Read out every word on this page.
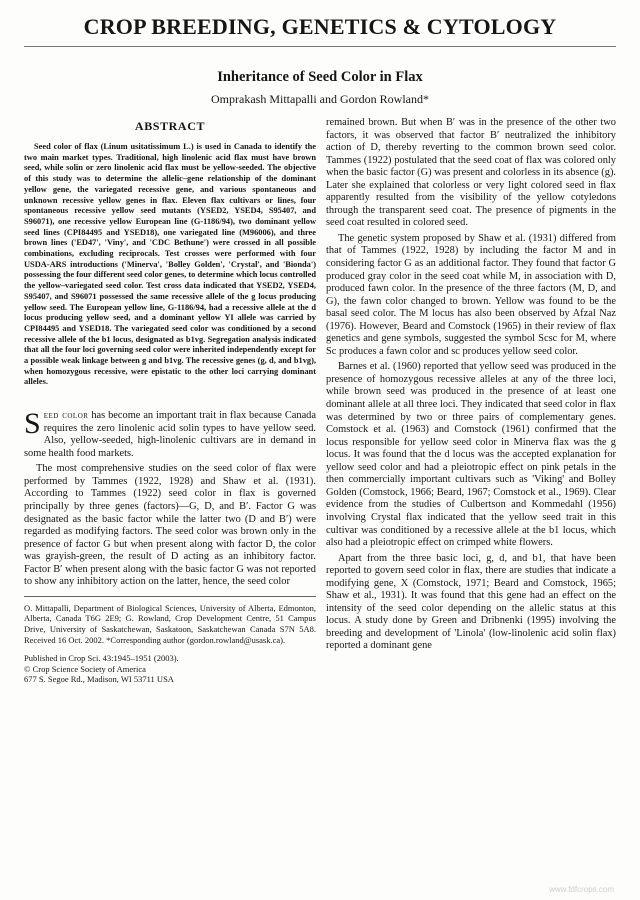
CROP BREEDING, GENETICS & CYTOLOGY
Inheritance of Seed Color in Flax
Omprakash Mittapalli and Gordon Rowland*
ABSTRACT

Seed color of flax (Linum usitatissimum L.) is used in Canada to identify the two main market types. Traditional, high linolenic acid flax must have brown seed, while solin or zero linolenic acid flax must be yellow-seeded. The objective of this study was to determine the allelic–gene relationship of the dominant yellow gene, the variegated recessive gene, and various spontaneous and unknown recessive yellow genes in flax. Eleven flax cultivars or lines, four spontaneous recessive yellow seed mutants (YSED2, YSED4, S95407, and S96071), one recessive yellow European line (G-1186/94), two dominant yellow seed lines (CPI84495 and YSED18), one variegated line (M96006), and three brown lines ('ED47', 'Viny', and 'CDC Bethune') were crossed in all possible combinations, excluding reciprocals. Test crosses were performed with four USDA-ARS introductions ('Minerva', 'Bolley Golden', 'Crystal', and 'Bionda') possessing the four different seed color genes, to determine which locus controlled the yellow–variegated seed color. Test cross data indicated that YSED2, YSED4, S95407, and S96071 possessed the same recessive allele of the g locus producing yellow seed. The European yellow line, G-1186/94, had a recessive allele at the d locus producing yellow seed, and a dominant yellow YI allele was carried by CPI84495 and YSED18. The variegated seed color was conditioned by a second recessive allele of the b1 locus, designated as b1vg. Segregation analysis indicated that all the four loci governing seed color were inherited independently except for a possible weak linkage between g and b1vg. The recessive genes (g, d, and b1vg), when homozygous recessive, were epistatic to the other loci carrying dominant alleles.

Seed color has become an important trait in flax because Canada requires the zero linolenic acid solin types to have yellow seed. Also, yellow-seeded, high-linolenic cultivars are in demand in some health food markets.

The most comprehensive studies on the seed color of flax were performed by Tammes (1922, 1928) and Shaw et al. (1931). According to Tammes (1922) seed color in flax is governed principally by three genes (factors)—G, D, and B′. Factor G was designated as the basic factor while the latter two (D and B′) were regarded as modifying factors. The seed color was brown only in the presence of factor G but when present along with factor D, the color was grayish-green, the result of D acting as an inhibitory factor. Factor B′ when present along with the basic factor G was not reported to show any inhibitory action on the latter, hence, the seed color

O. Mittapalli, Department of Biological Sciences, University of Alberta, Edmonton, Alberta, Canada T6G 2E9; G. Rowland, Crop Development Centre, 51 Campus Drive, University of Saskatchewan, Saskatoon, Saskatchewan Canada S7N 5A8. Received 16 Oct. 2002. *Corresponding author (gordon.rowland@usask.ca).

Published in Crop Sci. 43:1945–1951 (2003).

© Crop Science Society of America

677 S. Segoe Rd., Madison, WI 53711 USA

remained brown. But when B′ was in the presence of the other two factors, it was observed that factor B′ neutralized the inhibitory action of D, thereby reverting to the common brown seed color. Tammes (1922) postulated that the seed coat of flax was colored only when the basic factor (G) was present and colorless in its absence (g). Later she explained that colorless or very light colored seed in flax apparently resulted from the visibility of the yellow cotyledons through the transparent seed coat. The presence of pigments in the seed coat resulted in colored seed.

The genetic system proposed by Shaw et al. (1931) differed from that of Tammes (1922, 1928) by including the factor M and in considering factor G as an additional factor. They found that factor G produced gray color in the seed coat while M, in association with D, produced fawn color. In the presence of the three factors (M, D, and G), the fawn color changed to brown. Yellow was found to be the basal seed color. The M locus has also been observed by Afzal Naz (1976). However, Beard and Comstock (1965) in their review of flax genetics and gene symbols, suggested the symbol Scsc for M, where Sc produces a fawn color and sc produces yellow seed color.

Barnes et al. (1960) reported that yellow seed was produced in the presence of homozygous recessive alleles at any of the three loci, while brown seed was produced in the presence of at least one dominant allele at all three loci. They indicated that seed color in flax was determined by two or three pairs of complementary genes. Comstock et al. (1963) and Comstock (1961) confirmed that the locus responsible for yellow seed color in Minerva flax was the g locus. It was found that the d locus was the accepted explanation for yellow seed color and had a pleiotropic effect on pink petals in the then commercially important cultivars such as 'Viking' and Bolley Golden (Comstock, 1966; Beard, 1967; Comstock et al., 1969). Clear evidence from the studies of Culbertson and Kommedahl (1956) involving Crystal flax indicated that the yellow seed trait in this cultivar was conditioned by a recessive allele at the b1 locus, which also had a pleiotropic effect on crimped white flowers.

Apart from the three basic loci, g, d, and b1, that have been reported to govern seed color in flax, there are studies that indicate a modifying gene, X (Comstock, 1971; Beard and Comstock, 1965; Shaw et al., 1931). It was found that this gene had an effect on the intensity of the seed color depending on the allelic status at this locus. A study done by Green and Dribnenki (1995) involving the breeding and development of 'Linola' (low-linolenic acid solin flax) reported a dominant gene

www.fdfcrops.com
